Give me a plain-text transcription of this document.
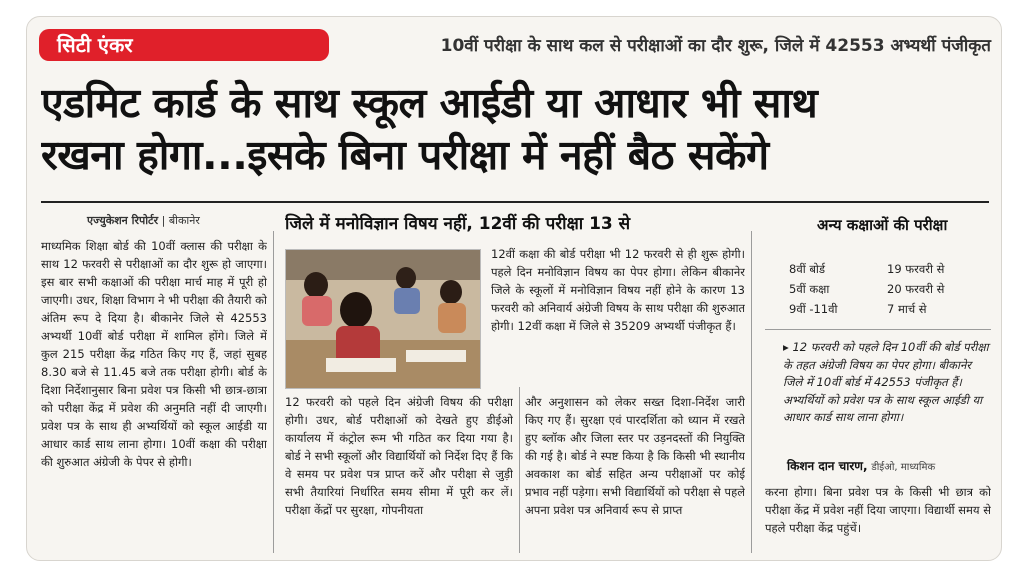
सिटी एंकर	10वीं परीक्षा के साथ कल से परीक्षाओं का दौर शुरू, जिले में 42553 अभ्यर्थी पंजीकृत
एडमिट कार्ड के साथ स्कूल आईडी या आधार भी साथ
रखना होगा...इसके बिना परीक्षा में नहीं बैठ सकेंगे
एज्युकेशन रिपोर्टर | बीकानेर	जिले में मनोविज्ञान विषय नहीं, 12वीं की परीक्षा 13 से	अन्य कक्षाओं की परीक्षा

माध्यमिक शिक्षा बोर्ड की 10वीं क्लास की परीक्षा के साथ 12 फरवरी से परीक्षाओं का दौर शुरू हो जाएगा। इस बार सभी कक्षाओं की परीक्षा मार्च माह में पूरी हो जाएगी। उधर, शिक्षा विभाग ने भी परीक्षा की तैयारी को अंतिम रूप दे दिया है। बीकानेर जिले से 42553 अभ्यर्थी 10वीं बोर्ड परीक्षा में शामिल होंगे। जिले में कुल 215 परीक्षा केंद्र गठित किए गए हैं, जहां सुबह 8.30 बजे से 11.45 बजे तक परीक्षा होगी। बोर्ड के दिशा निर्देशानुसार बिना प्रवेश पत्र किसी भी छात्र-छात्रा को परीक्षा केंद्र में प्रवेश की अनुमति नहीं दी जाएगी। प्रवेश पत्र के साथ ही अभ्यर्थियों को स्कूल आईडी या आधार कार्ड साथ लाना होगा। 10वीं कक्षा की परीक्षा की शुरुआत अंग्रेजी के पेपर से होगी।

12वीं कक्षा की बोर्ड परीक्षा भी 12 फरवरी से ही शुरू होगी। पहले दिन मनोविज्ञान विषय का पेपर होगा। लेकिन बीकानेर जिले के स्कूलों में मनोविज्ञान विषय नहीं होने के कारण 13 फरवरी को अनिवार्य अंग्रेजी विषय के साथ परीक्षा की शुरुआत होगी। 12वीं कक्षा में जिले से 35209 अभ्यर्थी पंजीकृत हैं।

12 फरवरी को पहले दिन अंग्रेजी विषय की परीक्षा होगी। उधर, बोर्ड परीक्षाओं को देखते हुए डीईओ कार्यालय में कंट्रोल रूम भी गठित कर दिया गया है। बोर्ड ने सभी स्कूलों और विद्यार्थियों को निर्देश दिए हैं कि वे समय पर प्रवेश पत्र प्राप्त करें और परीक्षा से जुड़ी सभी तैयारियां निर्धारित समय सीमा में पूरी कर लें। परीक्षा केंद्रों पर सुरक्षा, गोपनीयता

और अनुशासन को लेकर सख्त दिशा-निर्देश जारी किए गए हैं। सुरक्षा एवं पारदर्शिता को ध्यान में रखते हुए ब्लॉक और जिला स्तर पर उड़नदस्तों की नियुक्ति की गई है। बोर्ड ने स्पष्ट किया है कि किसी भी स्थानीय अवकाश का बोर्ड सहित अन्य परीक्षाओं पर कोई प्रभाव नहीं पड़ेगा। सभी विद्यार्थियों को परीक्षा से पहले अपना प्रवेश पत्र अनिवार्य रूप से प्राप्त

8वीं बोर्ड	19 फरवरी से
5वीं कक्षा	20 फरवरी से
9वीं -11वी	7 मार्च से
▸ 12 फरवरी को पहले दिन 10वीं की बोर्ड परीक्षा के तहत अंग्रेजी विषय का पेपर होगा। बीकानेर जिले में 10वीं बोर्ड में 42553 पंजीकृत हैं। अभ्यर्थियों को प्रवेश पत्र के साथ स्कूल आईडी या आधार कार्ड साथ लाना होगा।
किशन दान चारण, डीईओ, माध्यमिक

करना होगा। बिना प्रवेश पत्र के किसी भी छात्र को परीक्षा केंद्र में प्रवेश नहीं दिया जाएगा। विद्यार्थी समय से पहले परीक्षा केंद्र पहुंचें।
